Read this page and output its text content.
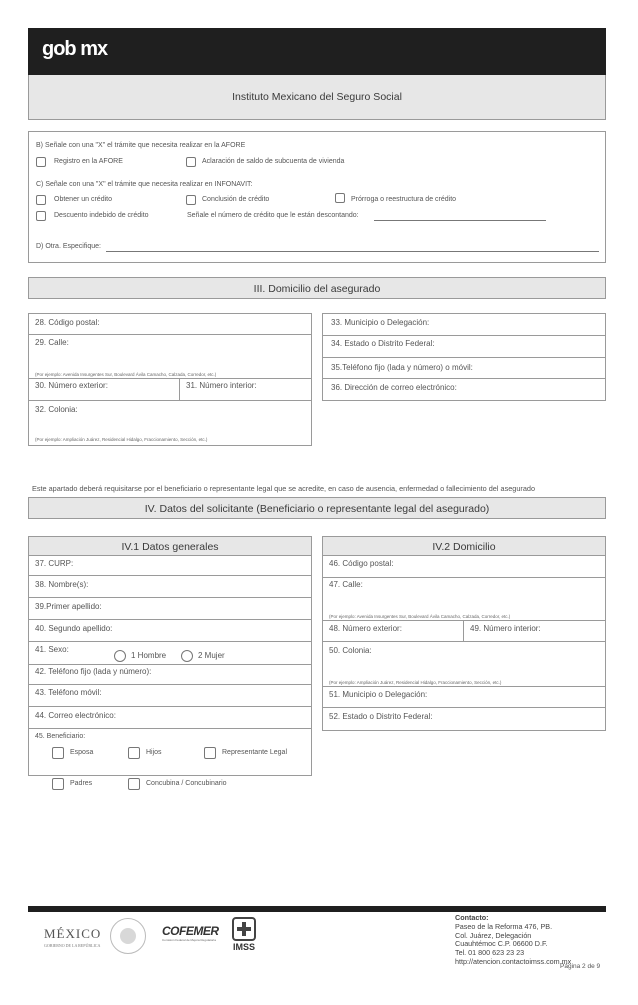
gob mx
Instituto Mexicano del Seguro Social
B) Señale con una "X" el trámite que necesita realizar en la AFORE
Registro en la AFORE	Aclaración de saldo de subcuenta de vivienda
C) Señale con una "X" el trámite que necesita realizar en INFONAVIT:
Obtener un crédito	Conclusión de crédito	Prórroga o reestructura de crédito
Descuento indebido de crédito	Señale el número de crédito que le están descontando:
D) Otra. Especifique:
III. Domicilio del asegurado
28. Código postal:
29. Calle:
(Por ejemplo: Avenida Insurgentes Sur, Boulevard Ávila Camacho, Calzada, Corredor, etc.)
30. Número exterior:	31. Número interior:
32. Colonia:
(Por ejemplo: Ampliación Juárez, Residencial Hidalgo, Fraccionamiento, Sección, etc.)
33. Municipio o Delegación:
34. Estado o Distrito Federal:
35.Teléfono fijo (lada y número) o móvil:
36. Dirección de correo electrónico:
Este apartado deberá requisitarse por el beneficiario o representante legal que se acredite, en caso de ausencia, enfermedad o fallecimiento del asegurado
IV. Datos del solicitante (Beneficiario o representante legal del asegurado)
IV.1 Datos generales
37. CURP:
38. Nombre(s):
39.Primer apellido:
40. Segundo apellido:
41. Sexo:
1 Hombre	2 Mujer
42. Teléfono fijo (lada y número):
43. Teléfono móvil:
44. Correo electrónico:
45. Beneficiario:
Esposa	Hijos	Representante Legal
Padres	Concubina / Concubinario
IV.2 Domicilio
46. Código postal:
47. Calle:
(Por ejemplo: Avenida Insurgentes Sur, Boulevard Ávila Camacho, Calzada, Corredor, etc.)
48. Número exterior:	49. Número interior:
50. Colonia:
(Por ejemplo: Ampliación Juárez, Residencial Hidalgo, Fraccionamiento, Sección, etc.)
51. Municipio o Delegación:
52. Estado o Distrito Federal:
MÉXICO
GOBIERNO DE LA REPÚBLICA
COFEMER
Comisión Federal de Mejora Regulatoria
IMSS
Contacto:
Paseo de la Reforma 476, PB.
Col. Juárez, Delegación
Cuauhtémoc C.P. 06600 D.F.
Tel. 01 800 623 23 23
http://atencion.contactoimss.com.mx
Página 2 de 9
